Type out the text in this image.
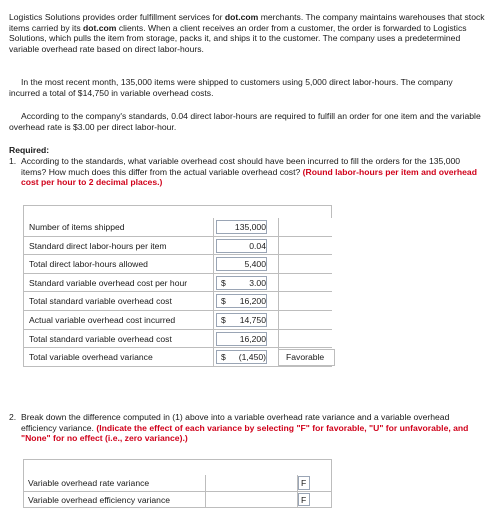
Logistics Solutions provides order fulfillment services for dot.com merchants. The company maintains warehouses that stock items carried by its dot.com clients. When a client receives an order from a customer, the order is forwarded to Logistics Solutions, which pulls the item from storage, packs it, and ships it to the customer. The company uses a predetermined variable overhead rate based on direct labor-hours.

In the most recent month, 135,000 items were shipped to customers using 5,000 direct labor-hours. The company incurred a total of $14,750 in variable overhead costs.

According to the company's standards, 0.04 direct labor-hours are required to fulfill an order for one item and the variable overhead rate is $3.00 per direct labor-hour.

Required:
1. According to the standards, what variable overhead cost should have been incurred to fill the orders for the 135,000 items? How much does this differ from the actual variable overhead cost? (Round labor-hours per item and overhead cost per hour to 2 decimal places.)
Number of items shipped	135,000
Standard direct labor-hours per item	0.04
Total direct labor-hours allowed	5,400
Standard variable overhead cost per hour	$	3.00
Total standard variable overhead cost	$ 16,200
Actual variable overhead cost incurred	$ 14,750
Total standard variable overhead cost	16,200
Total variable overhead variance	$ (1,450) Favorable
2. Break down the difference computed in (1) above into a variable overhead rate variance and a variable overhead efficiency variance. (Indicate the effect of each variance by selecting "F" for favorable, "U" for unfavorable, and "None" for no effect (i.e., zero variance).)
Variable overhead rate variance	F
Variable overhead efficiency variance	F
